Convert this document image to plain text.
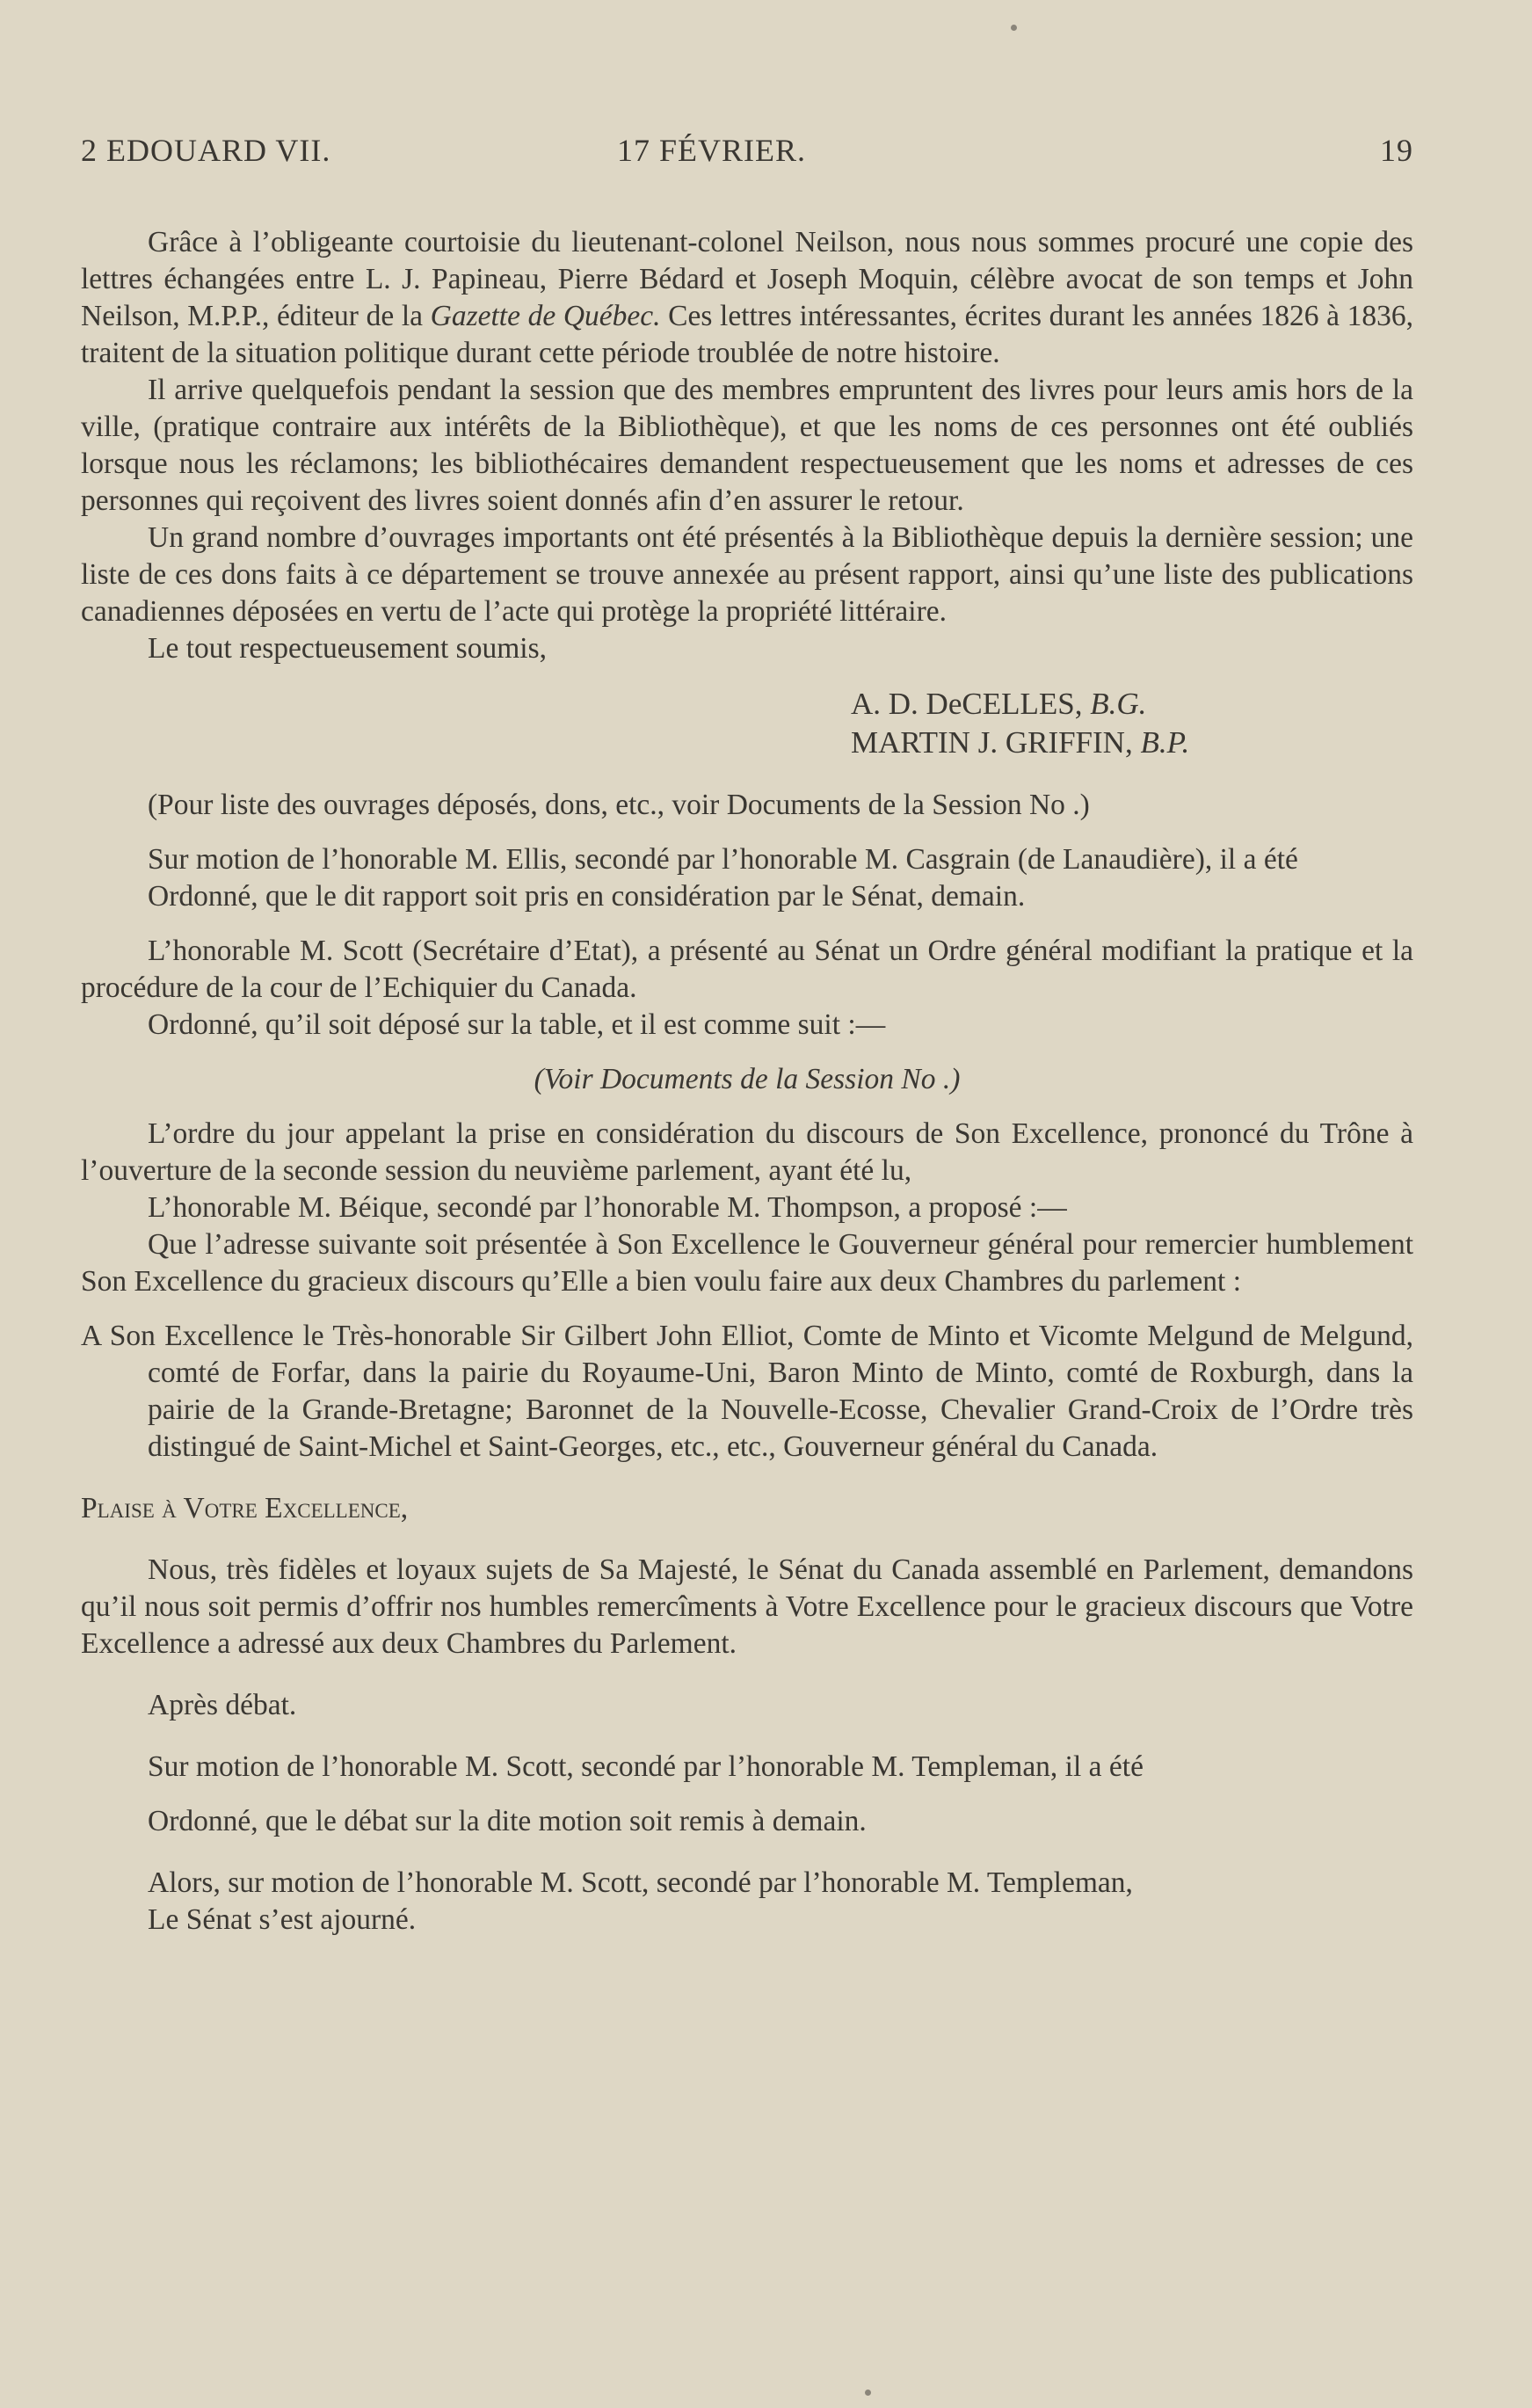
2 EDOUARD VII.	17 FÉVRIER.	19

Grâce à l’obligeante courtoisie du lieutenant-colonel Neilson, nous nous sommes procuré une copie des lettres échangées entre L. J. Papineau, Pierre Bédard et Joseph Moquin, célèbre avocat de son temps et John Neilson, M.P.P., éditeur de la Gazette de Québec. Ces lettres intéressantes, écrites durant les années 1826 à 1836, traitent de la situation politique durant cette période troublée de notre histoire.

Il arrive quelquefois pendant la session que des membres empruntent des livres pour leurs amis hors de la ville, (pratique contraire aux intérêts de la Bibliothèque), et que les noms de ces personnes ont été oubliés lorsque nous les réclamons; les bibliothécaires demandent respectueusement que les noms et adresses de ces personnes qui reçoivent des livres soient donnés afin d’en assurer le retour.

Un grand nombre d’ouvrages importants ont été présentés à la Bibliothèque depuis la dernière session; une liste de ces dons faits à ce département se trouve annexée au présent rapport, ainsi qu’une liste des publications canadiennes déposées en vertu de l’acte qui protège la propriété littéraire.

Le tout respectueusement soumis,

A. D. DeCELLES, B.G.
MARTIN J. GRIFFIN, B.P.

(Pour liste des ouvrages déposés, dons, etc., voir Documents de la Session No .)

Sur motion de l’honorable M. Ellis, secondé par l’honorable M. Casgrain (de Lanaudière), il a été

Ordonné, que le dit rapport soit pris en considération par le Sénat, demain.

L’honorable M. Scott (Secrétaire d’Etat), a présenté au Sénat un Ordre général modifiant la pratique et la procédure de la cour de l’Echiquier du Canada.

Ordonné, qu’il soit déposé sur la table, et il est comme suit :—

(Voir Documents de la Session No .)

L’ordre du jour appelant la prise en considération du discours de Son Excellence, prononcé du Trône à l’ouverture de la seconde session du neuvième parlement, ayant été lu,

L’honorable M. Béique, secondé par l’honorable M. Thompson, a proposé :—

Que l’adresse suivante soit présentée à Son Excellence le Gouverneur général pour remercier humblement Son Excellence du gracieux discours qu’Elle a bien voulu faire aux deux Chambres du parlement :

A Son Excellence le Très-honorable Sir Gilbert John Elliot, Comte de Minto et Vicomte Melgund de Melgund, comté de Forfar, dans la pairie du Royaume-Uni, Baron Minto de Minto, comté de Roxburgh, dans la pairie de la Grande-Bretagne; Baronnet de la Nouvelle-Ecosse, Chevalier Grand-Croix de l’Ordre très distingué de Saint-Michel et Saint-Georges, etc., etc., Gouverneur général du Canada.

Plaise à Votre Excellence,

Nous, très fidèles et loyaux sujets de Sa Majesté, le Sénat du Canada assemblé en Parlement, demandons qu’il nous soit permis d’offrir nos humbles remercîments à Votre Excellence pour le gracieux discours que Votre Excellence a adressé aux deux Chambres du Parlement.

Après débat.

Sur motion de l’honorable M. Scott, secondé par l’honorable M. Templeman, il a été

Ordonné, que le débat sur la dite motion soit remis à demain.

Alors, sur motion de l’honorable M. Scott, secondé par l’honorable M. Templeman,

Le Sénat s’est ajourné.
